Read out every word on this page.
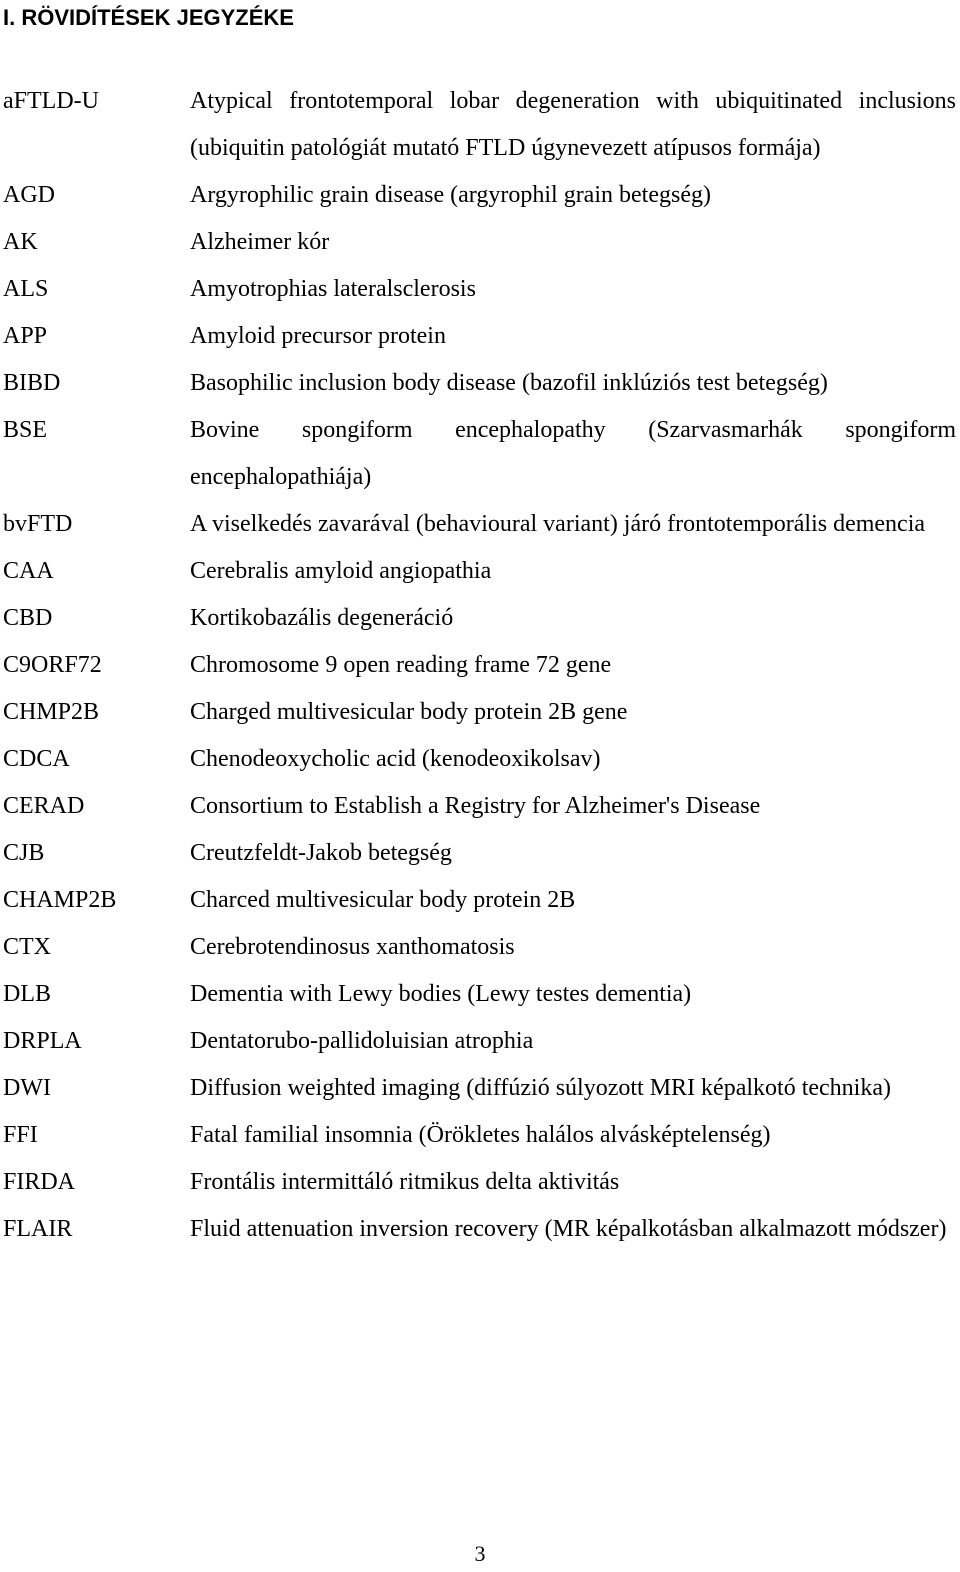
I. RÖVIDÍTÉSEK JEGYZÉKE
aFTLD-U	Atypical frontotemporal lobar degeneration with ubiquitinated inclusions (ubiquitin patológiát mutató FTLD úgynevezett atípusos formája)
AGD	Argyrophilic grain disease (argyrophil grain betegség)
AK	Alzheimer kór
ALS	Amyotrophias lateralsclerosis
APP	Amyloid precursor protein
BIBD	Basophilic inclusion body disease (bazofil inklúziós test betegség)
BSE	Bovine spongiform encephalopathy (Szarvasmarhák spongiform encephalopathiája)
bvFTD	A viselkedés zavarával (behavioural variant) járó frontotemporális demencia
CAA	Cerebralis amyloid angiopathia
CBD	Kortikobazális degeneráció
C9ORF72	Chromosome 9 open reading frame 72 gene
CHMP2B	Charged multivesicular body protein 2B gene
CDCA	Chenodeoxycholic acid (kenodeoxikolsav)
CERAD	Consortium to Establish a Registry for Alzheimer's Disease
CJB	Creutzfeldt-Jakob betegség
CHAMP2B	Charced multivesicular body protein 2B
CTX	Cerebrotendinosus xanthomatosis
DLB	Dementia with Lewy bodies (Lewy testes dementia)
DRPLA	Dentatorubo-pallidoluisian atrophia
DWI	Diffusion weighted imaging (diffúzió súlyozott MRI képalkotó technika)
FFI	Fatal familial insomnia (Örökletes halálos alvásképtelenség)
FIRDA	Frontális intermittáló ritmikus delta aktivitás
FLAIR	Fluid attenuation inversion recovery (MR képalkotásban alkalmazott módszer)
3
